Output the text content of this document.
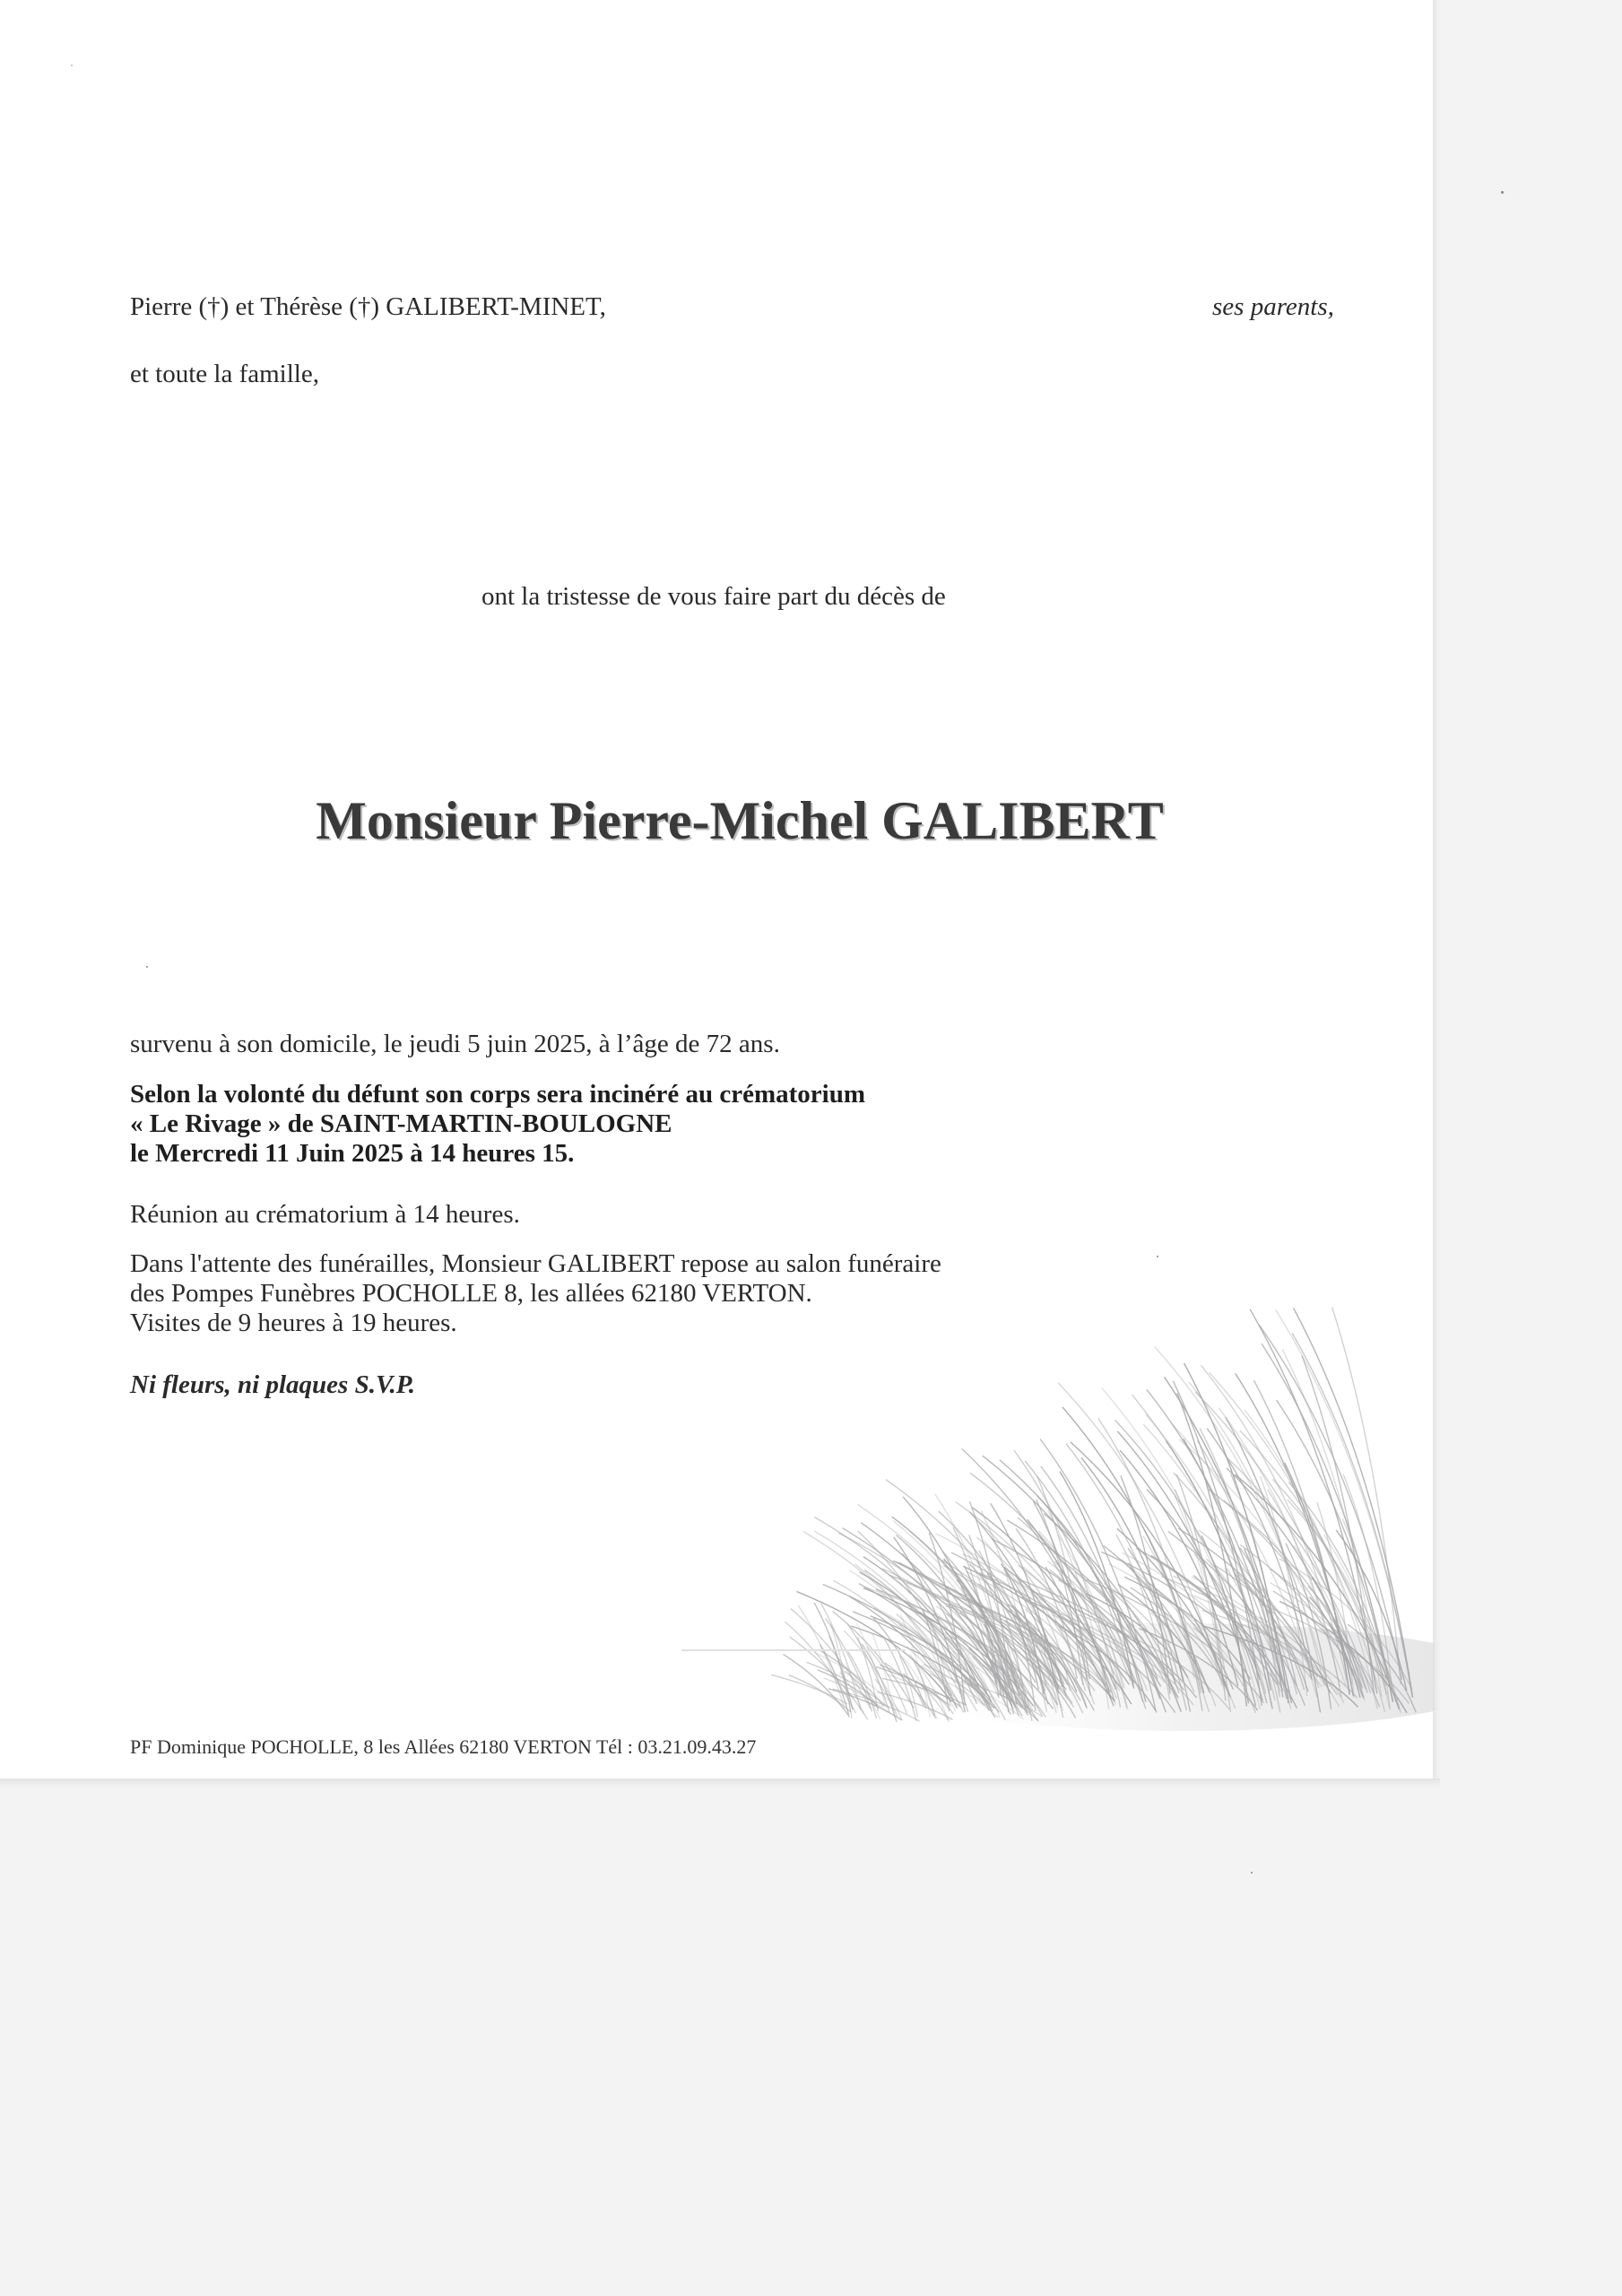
Pierre (†) et Thérèse (†) GALIBERT-MINET,	ses parents,
et toute la famille,
ont la tristesse de vous faire part du décès de
Monsieur Pierre-Michel GALIBERT
survenu à son domicile, le jeudi 5 juin 2025, à l’âge de 72 ans.
Selon la volonté du défunt son corps sera incinéré au crématorium
« Le Rivage » de SAINT-MARTIN-BOULOGNE
le Mercredi 11 Juin 2025 à 14 heures 15.
Réunion au crématorium à 14 heures.
Dans l'attente des funérailles, Monsieur GALIBERT repose au salon funéraire
des Pompes Funèbres POCHOLLE 8, les allées 62180 VERTON.
Visites de 9 heures à 19 heures.
Ni fleurs, ni plaques S.V.P.
PF Dominique POCHOLLE, 8 les Allées 62180 VERTON Tél : 03.21.09.43.27
